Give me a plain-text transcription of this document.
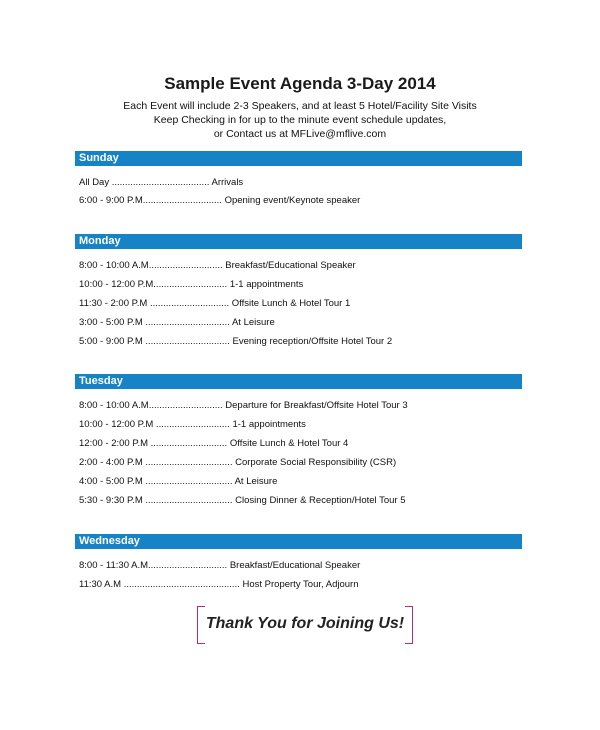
Sample Event Agenda 3-Day 2014
Each Event will include 2-3 Speakers, and at least 5 Hotel/Facility Site Visits
Keep Checking in for up to the minute event schedule updates,
or Contact us at MFLive@mflive.com
Sunday
All Day ..................................... Arrivals
6:00 - 9:00 P.M.............................. Opening event/Keynote speaker
Monday
8:00 - 10:00 A.M............................ Breakfast/Educational Speaker
10:00 - 12:00 P.M............................ 1-1 appointments
11:30 - 2:00 P.M .............................. Offsite Lunch & Hotel Tour 1
3:00 - 5:00 P.M ................................ At Leisure
5:00 - 9:00 P.M ................................ Evening reception/Offsite Hotel Tour 2
Tuesday
8:00 - 10:00 A.M............................ Departure for Breakfast/Offsite Hotel Tour 3
10:00 - 12:00 P.M ............................ 1-1 appointments
12:00 - 2:00 P.M ............................. Offsite Lunch & Hotel Tour 4
2:00 - 4:00 P.M ................................. Corporate Social Responsibility (CSR)
4:00 - 5:00 P.M ................................. At Leisure
5:30 - 9:30 P.M ................................. Closing Dinner & Reception/Hotel Tour 5
Wednesday
8:00 - 11:30 A.M.............................. Breakfast/Educational Speaker
11:30 A.M ............................................ Host Property Tour, Adjourn
Thank You for Joining Us!
